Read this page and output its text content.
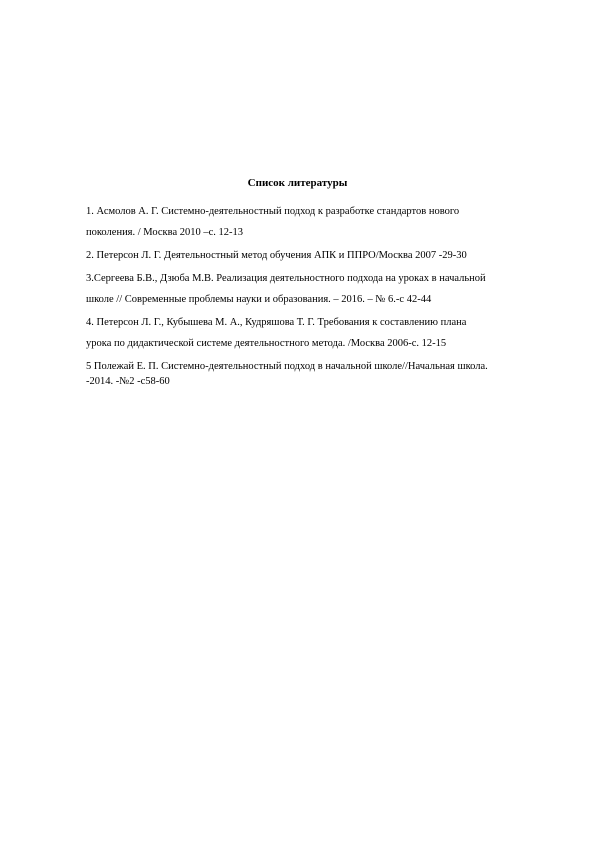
Список литературы
1. Асмолов А. Г. Системно-деятельностный подход к разработке стандартов нового
поколения. / Москва 2010 –с. 12-13
2. Петерсон Л. Г. Деятельностный метод обучения АПК и ППРО/Москва 2007 -29-30
3.Сергеева Б.В., Дзюба М.В. Реализация деятельностного подхода на уроках в начальной
школе // Современные проблемы науки и образования. – 2016. – № 6.-с 42-44
4. Петерсон Л. Г., Кубышева М. А., Кудряшова Т. Г. Требования к составлению плана
урока по дидактической системе деятельностного метода. /Москва 2006-с. 12-15
5 Полежай Е. П. Системно-деятельностный подход в начальной школе//Начальная школа.
-2014. -№2 -с58-60
